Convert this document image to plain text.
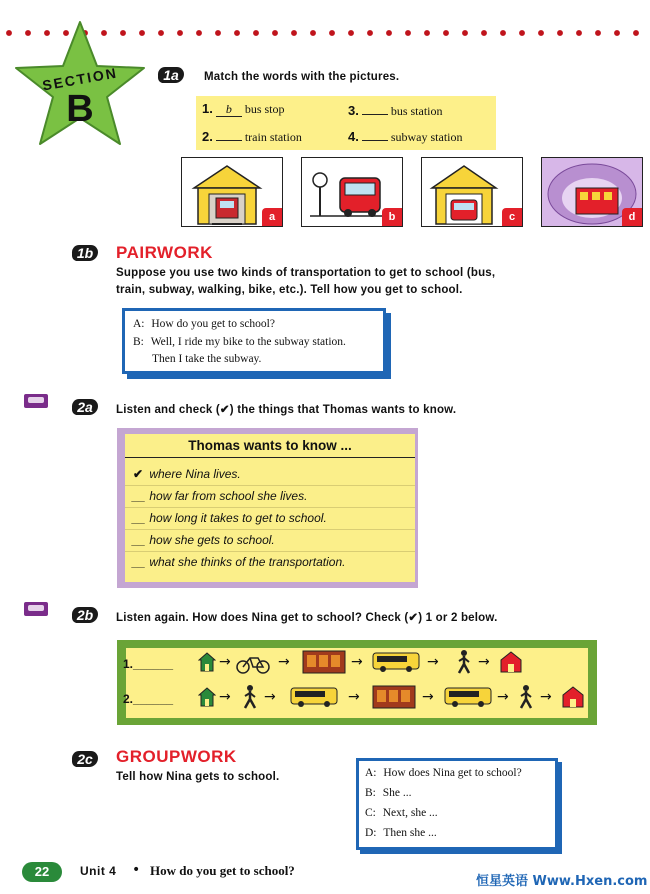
SECTION
B
1a	Match the words with the pictures.
1. b bus stop
2.	train station
3.	bus station
4.	subway station
a	b	c	d
1b PAIRWORK
Suppose you use two kinds of transportation to get to school (bus,
train, subway, walking, bike, etc.). Tell how you get to school.
A: How do you get to school?
B: Well, I ride my bike to the subway station.
Then I take the subway.
2a	Listen and check (✔) the things that Thomas wants to know.
Thomas wants to know ...
✔ where Nina lives.
__ how far from school she lives.
__ how long it takes to get to school.
__ how she gets to school.
__ what she thinks of the transportation.
2b	Listen again. How does Nina get to school? Check (✔) 1 or 2 below.
1.______	→	→	→	→	→
2.______	→ →	→	→	→ →
2c	GROUPWORK
Tell how Nina gets to school.	A: How does Nina get to school?
B: She ...
C: Next, she ...
D: Then she ...
22	Unit 4 • How do you get to school?
恒星英语 Www.Hxen.com
